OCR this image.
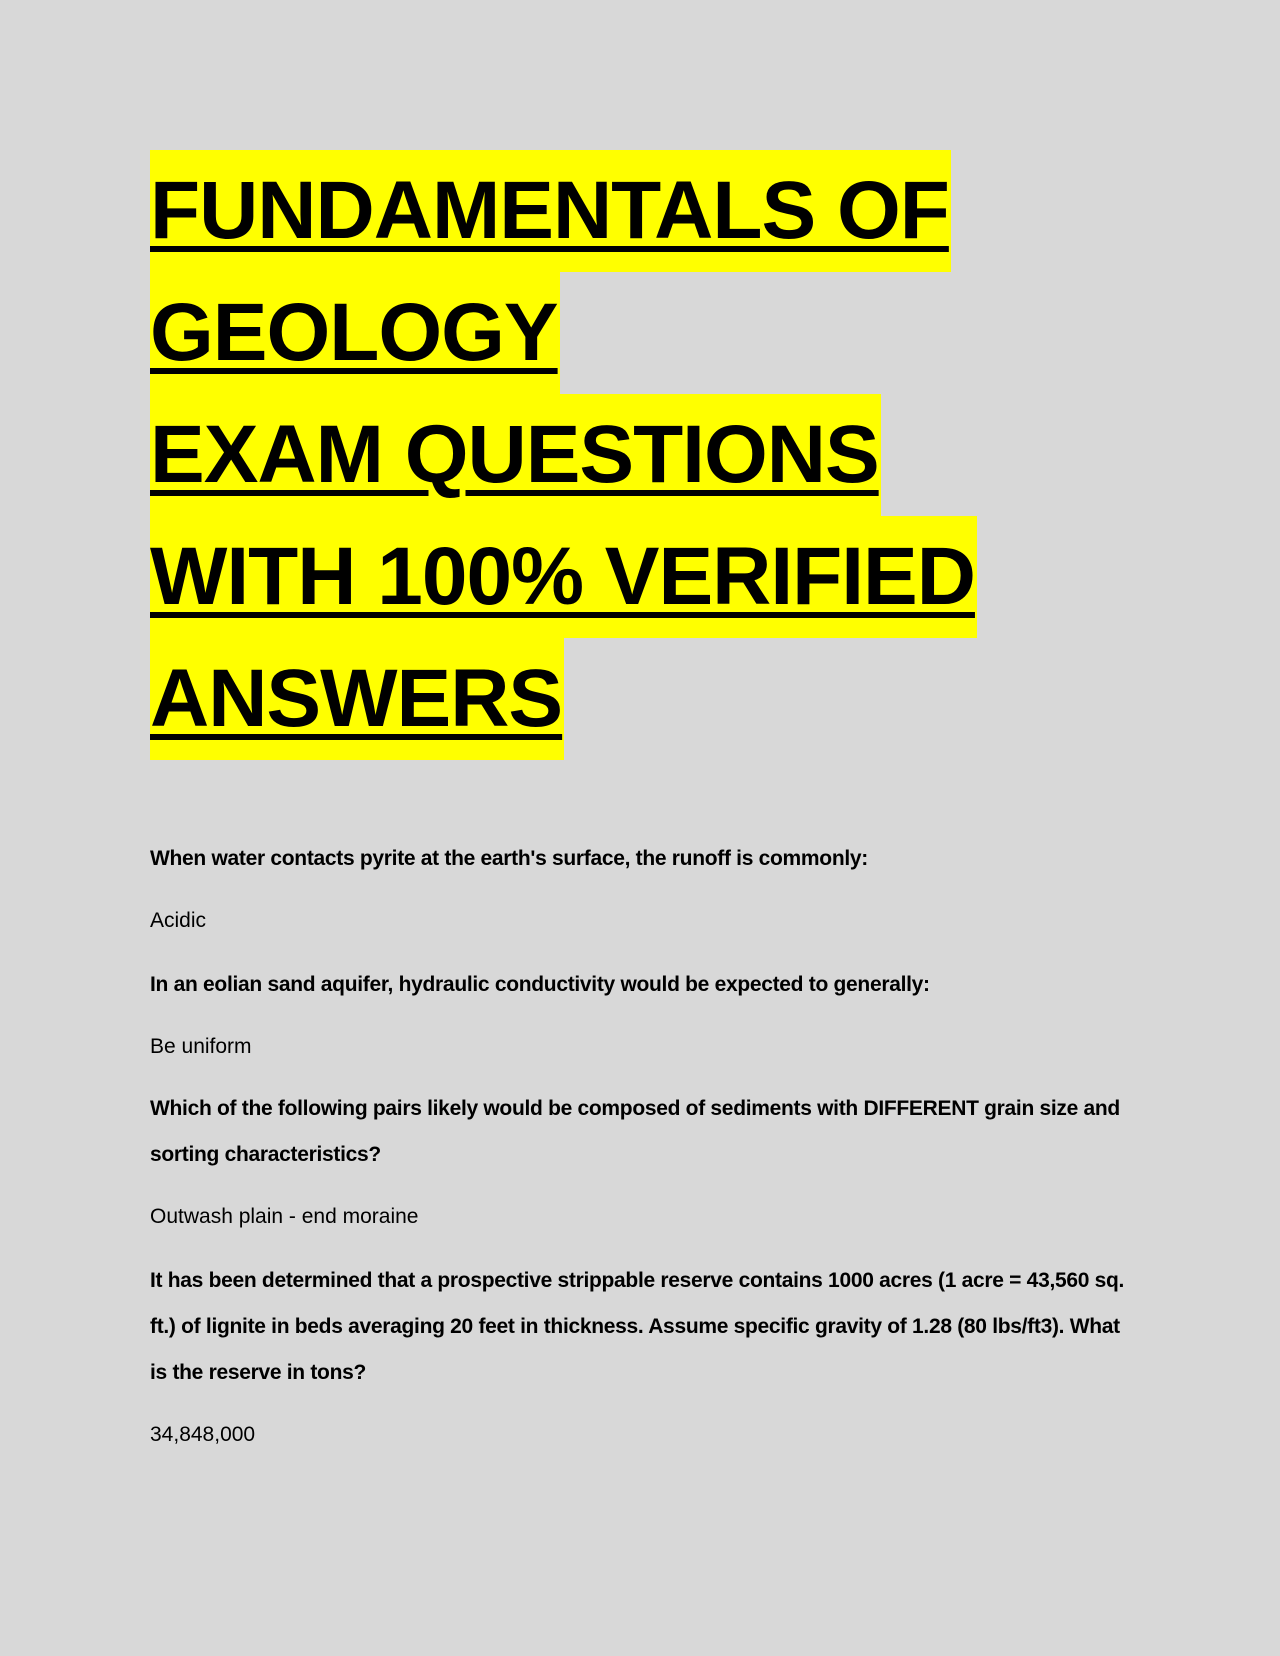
FUNDAMENTALS OF
GEOLOGY
EXAM QUESTIONS
WITH 100% VERIFIED
ANSWERS
When water contacts pyrite at the earth's surface, the runoff is commonly:
Acidic
In an eolian sand aquifer, hydraulic conductivity would be expected to generally:
Be uniform
Which of the following pairs likely would be composed of sediments with DIFFERENT grain size and sorting characteristics?
Outwash plain - end moraine
It has been determined that a prospective strippable reserve contains 1000 acres (1 acre = 43,560 sq. ft.) of lignite in beds averaging 20 feet in thickness. Assume specific gravity of 1.28 (80 lbs/ft3). What is the reserve in tons?
34,848,000
